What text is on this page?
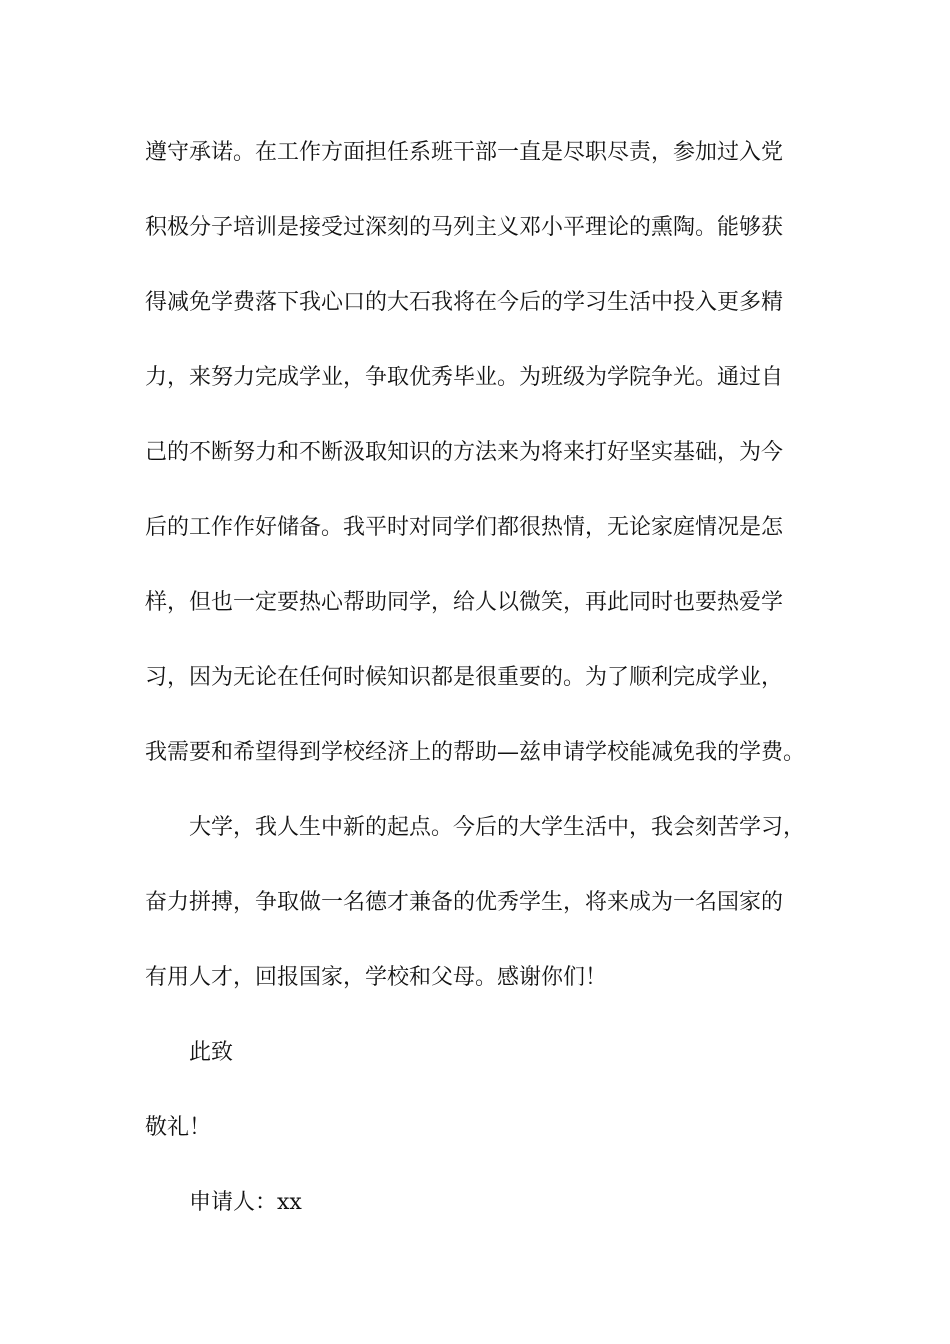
遵守承诺。在工作方面担任系班干部一直是尽职尽责，参加过入党
积极分子培训是接受过深刻的马列主义邓小平理论的熏陶。能够获
得减免学费落下我心口的大石我将在今后的学习生活中投入更多精
力，来努力完成学业，争取优秀毕业。为班级为学院争光。通过自
己的不断努力和不断汲取知识的方法来为将来打好坚实基础，为今
后的工作作好储备。我平时对同学们都很热情，无论家庭情况是怎
样，但也一定要热心帮助同学，给人以微笑，再此同时也要热爱学
习，因为无论在任何时候知识都是很重要的。为了顺利完成学业，
我需要和希望得到学校经济上的帮助—兹申请学校能减免我的学费。
大学，我人生中新的起点。今后的大学生活中，我会刻苦学习，
奋力拼搏，争取做一名德才兼备的优秀学生，将来成为一名国家的
有用人才，回报国家，学校和父母。感谢你们！
此致
敬礼！
申请人：xx
